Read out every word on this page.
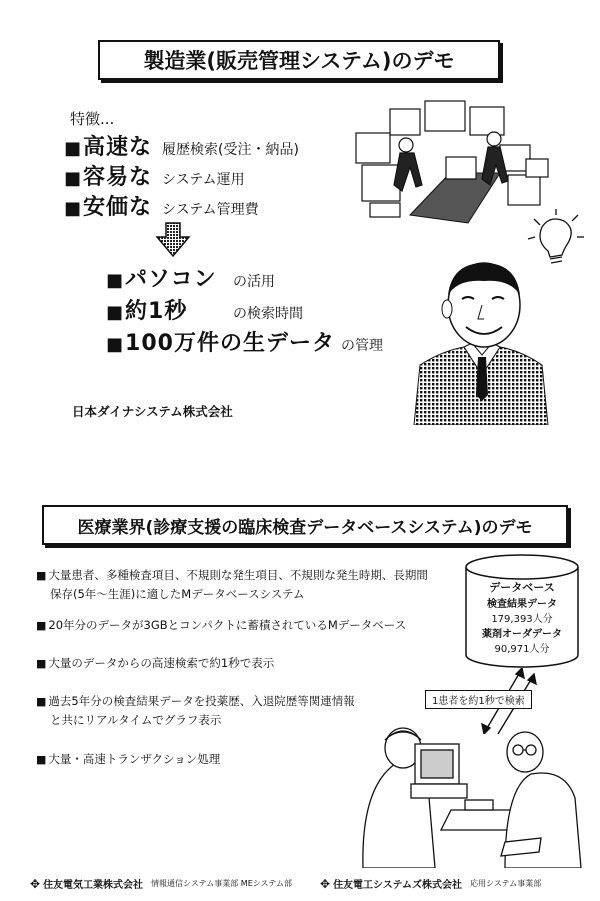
製造業(販売管理システム)のデモ
特徴...
■ 高速な 履歴検索(受注・納品)
■ 容易な システム運用
■ 安価な システム管理費
■ パソコン	の活用
■ 約1秒	の検索時間
■ 100万件の生データ の管理
日本ダイナシステム株式会社
医療業界(診療支援の臨床検査データベースシステム)のデモ
■ 大量患者、多種検査項目、不規則な発生項目、不規則な発生時期、長期間
保存(5年〜生涯)に適したMデータベースシステム
■ 20年分のデータが3GBとコンパクトに蓄積されているMデータベース
■ 大量のデータからの高速検索で約1秒で表示
■ 過去5年分の検査結果データを投薬歴、入退院歴等関連情報
と共にリアルタイムでグラフ表示
■ 大量・高速トランザクション処理
データベース
検査結果データ
179,393人分
薬剤オーダデータ
90,971人分
1患者を約1秒で検索
✥ 住友電気工業株式会社 情報通信システム事業部 MEシステム部 ✥ 住友電工システムズ株式会社 応用システム事業部
